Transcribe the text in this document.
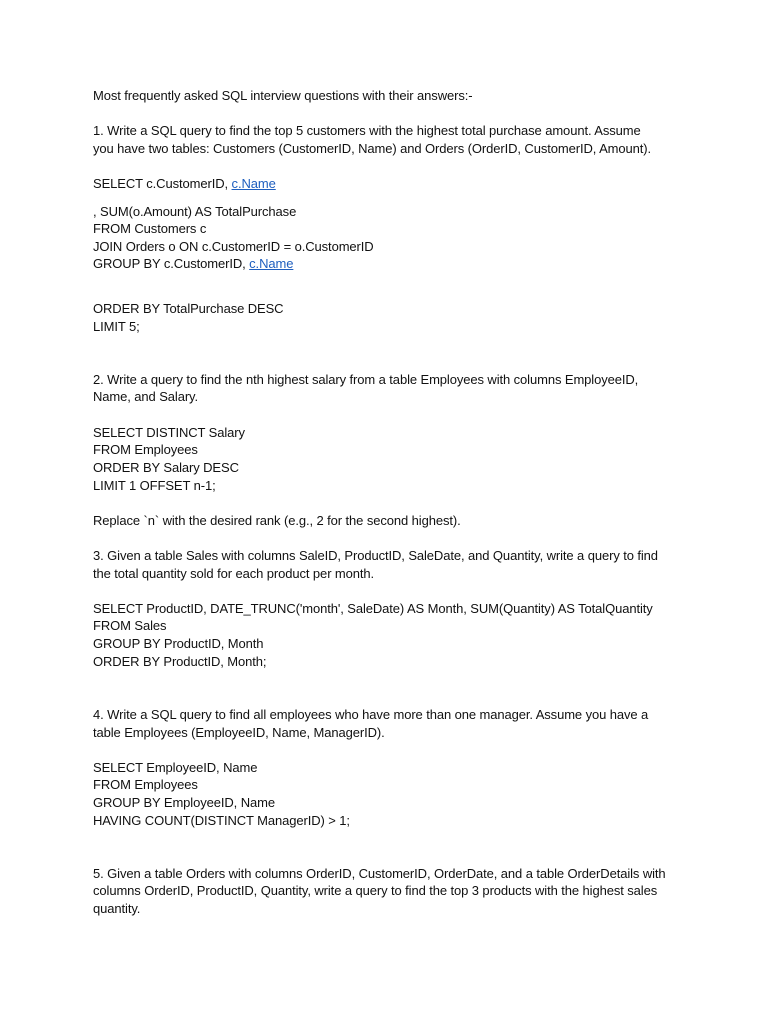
Most frequently asked SQL interview questions with their answers:-
1. Write a SQL query to find the top 5 customers with the highest total purchase amount. Assume
you have two tables: Customers (CustomerID, Name) and Orders (OrderID, CustomerID, Amount).
SELECT c.CustomerID, c.Name
, SUM(o.Amount) AS TotalPurchase
FROM Customers c
JOIN Orders o ON c.CustomerID = o.CustomerID
GROUP BY c.CustomerID, c.Name
ORDER BY TotalPurchase DESC
LIMIT 5;
2. Write a query to find the nth highest salary from a table Employees with columns EmployeeID,
Name, and Salary.
SELECT DISTINCT Salary
FROM Employees
ORDER BY Salary DESC
LIMIT 1 OFFSET n-1;
Replace `n` with the desired rank (e.g., 2 for the second highest).
3. Given a table Sales with columns SaleID, ProductID, SaleDate, and Quantity, write a query to find
the total quantity sold for each product per month.
SELECT ProductID, DATE_TRUNC('month', SaleDate) AS Month, SUM(Quantity) AS TotalQuantity
FROM Sales
GROUP BY ProductID, Month
ORDER BY ProductID, Month;
4. Write a SQL query to find all employees who have more than one manager. Assume you have a
table Employees (EmployeeID, Name, ManagerID).
SELECT EmployeeID, Name
FROM Employees
GROUP BY EmployeeID, Name
HAVING COUNT(DISTINCT ManagerID) > 1;
5. Given a table Orders with columns OrderID, CustomerID, OrderDate, and a table OrderDetails with
columns OrderID, ProductID, Quantity, write a query to find the top 3 products with the highest sales
quantity.
